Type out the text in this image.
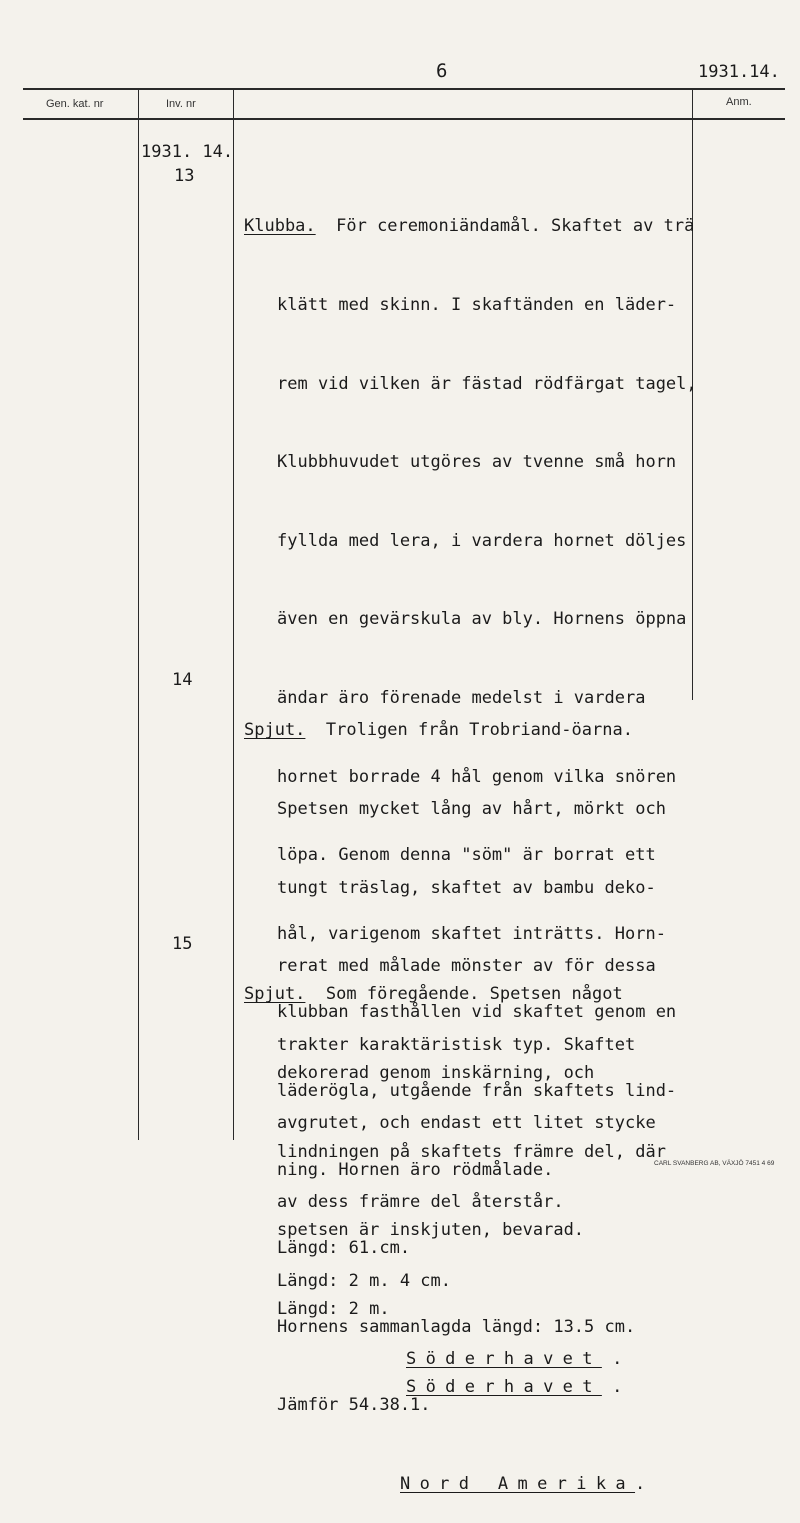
6	1931.14.
Gen. kat. nr	Inv. nr	Anm.
1931. 14.
13

Klubba.  För ceremoniändamål. Skaftet av trä

klätt med skinn. I skaftänden en läder-

rem vid vilken är fästad rödfärgat tagel,

Klubbhuvudet utgöres av tvenne små horn

fyllda med lera, i vardera hornet döljes

även en gevärskula av bly. Hornens öppna

ändar äro förenade medelst i vardera

hornet borrade 4 hål genom vilka snören

löpa. Genom denna "söm" är borrat ett

hål, varigenom skaftet inträtts. Horn-

klubban fasthållen vid skaftet genom en

läderögla, utgående från skaftets lind-

ning. Hornen äro rödmålade.

Längd: 61.cm.

Hornens sammanlagda längd: 13.5 cm.

Jämför 54.38.1.

Nord Amerika.

14

Spjut.  Troligen från Trobriand-öarna.

Spetsen mycket lång av hårt, mörkt och

tungt träslag, skaftet av bambu deko-

rerat med målade mönster av för dessa

trakter karaktäristisk typ. Skaftet

avgrutet, och endast ett litet stycke

av dess främre del återstår.

Längd: 2 m. 4 cm.

Söderhavet .

15

Spjut.  Som föregående. Spetsen något

dekorerad genom inskärning, och

lindningen på skaftets främre del, där

spetsen är inskjuten, bevarad.

Längd: 2 m.

Söderhavet .

CARL SVANBERG AB, VÄXJÖ 7451 4 69
